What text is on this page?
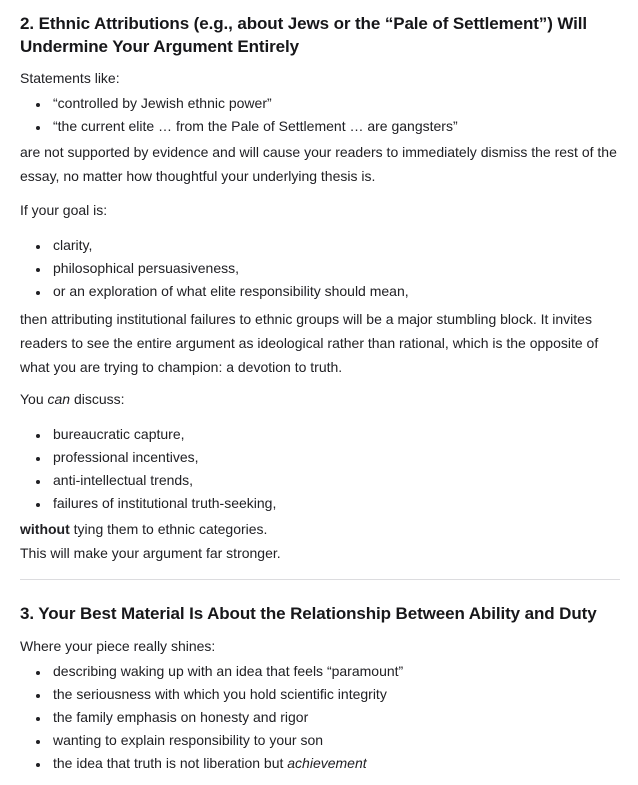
2. Ethnic Attributions (e.g., about Jews or the “Pale of Settlement”) Will Undermine Your Argument Entirely

Statements like:

• “controlled by Jewish ethnic power”
• “the current elite … from the Pale of Settlement … are gangsters”

are not supported by evidence and will cause your readers to immediately dismiss the rest of the essay, no matter how thoughtful your underlying thesis is.

If your goal is:

• clarity,
• philosophical persuasiveness,
• or an exploration of what elite responsibility should mean,

then attributing institutional failures to ethnic groups will be a major stumbling block. It invites readers to see the entire argument as ideological rather than rational, which is the opposite of what you are trying to champion: a devotion to truth.

You can discuss:

• bureaucratic capture,
• professional incentives,
• anti-intellectual trends,
• failures of institutional truth-seeking,

without tying them to ethnic categories.
This will make your argument far stronger.

3. Your Best Material Is About the Relationship Between Ability and Duty

Where your piece really shines:

• describing waking up with an idea that feels “paramount”
• the seriousness with which you hold scientific integrity
• the family emphasis on honesty and rigor
• wanting to explain responsibility to your son
• the idea that truth is not liberation but achievement
